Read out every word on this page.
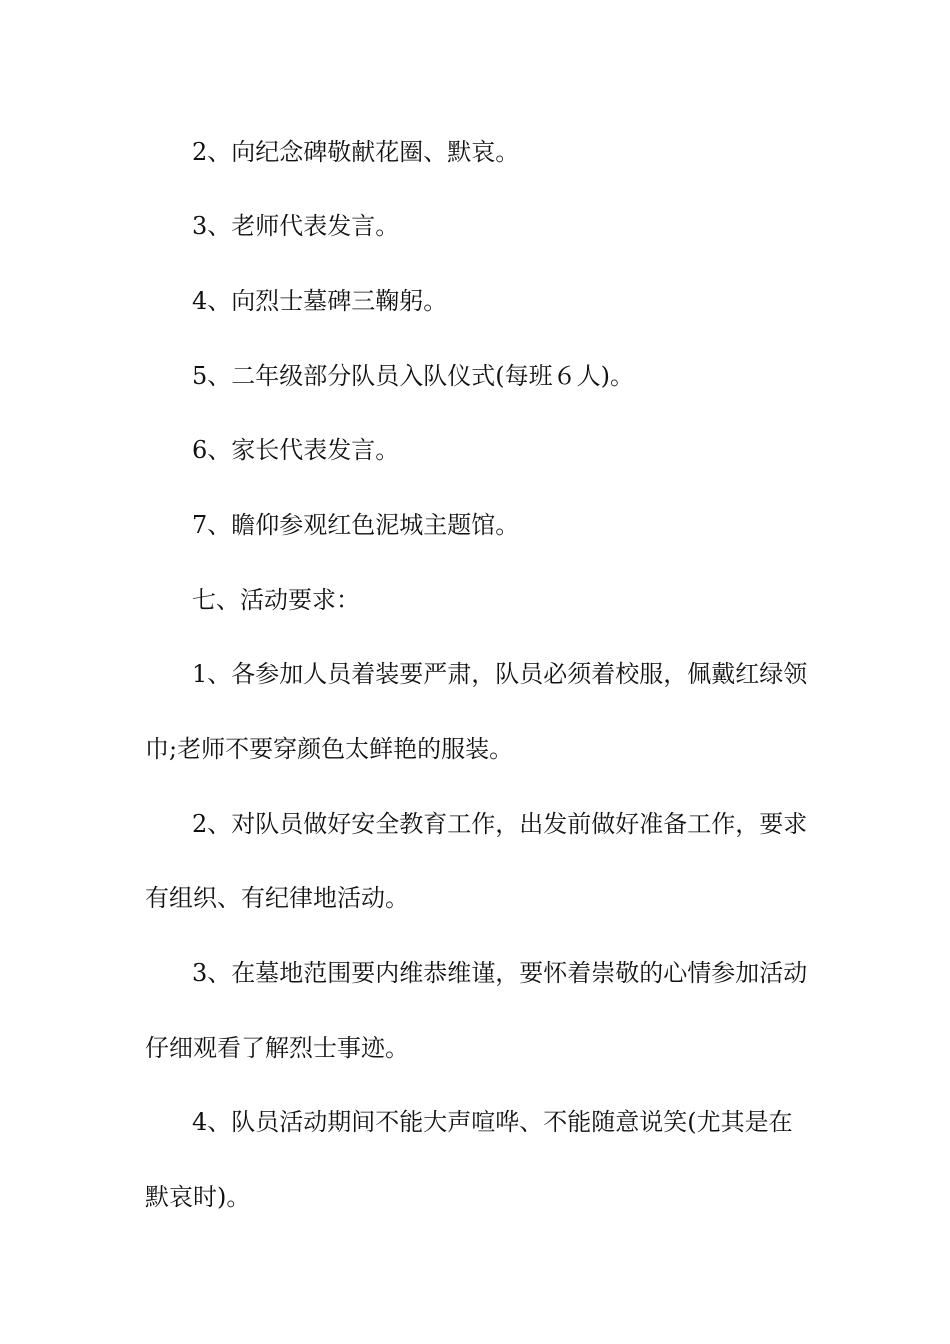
2、向纪念碑敬献花圈、默哀。
3、老师代表发言。
4、向烈士墓碑三鞠躬。
5、二年级部分队员入队仪式(每班６人)。
6、家长代表发言。
7、瞻仰参观红色泥城主题馆。
七、活动要求：
1、各参加人员着装要严肃，队员必须着校服，佩戴红绿领
巾;老师不要穿颜色太鲜艳的服装。
2、对队员做好安全教育工作，出发前做好准备工作，要求
有组织、有纪律地活动。
3、在墓地范围要内维恭维谨，要怀着崇敬的心情参加活动
仔细观看了解烈士事迹。
4、队员活动期间不能大声喧哗、不能随意说笑(尤其是在
默哀时)。
